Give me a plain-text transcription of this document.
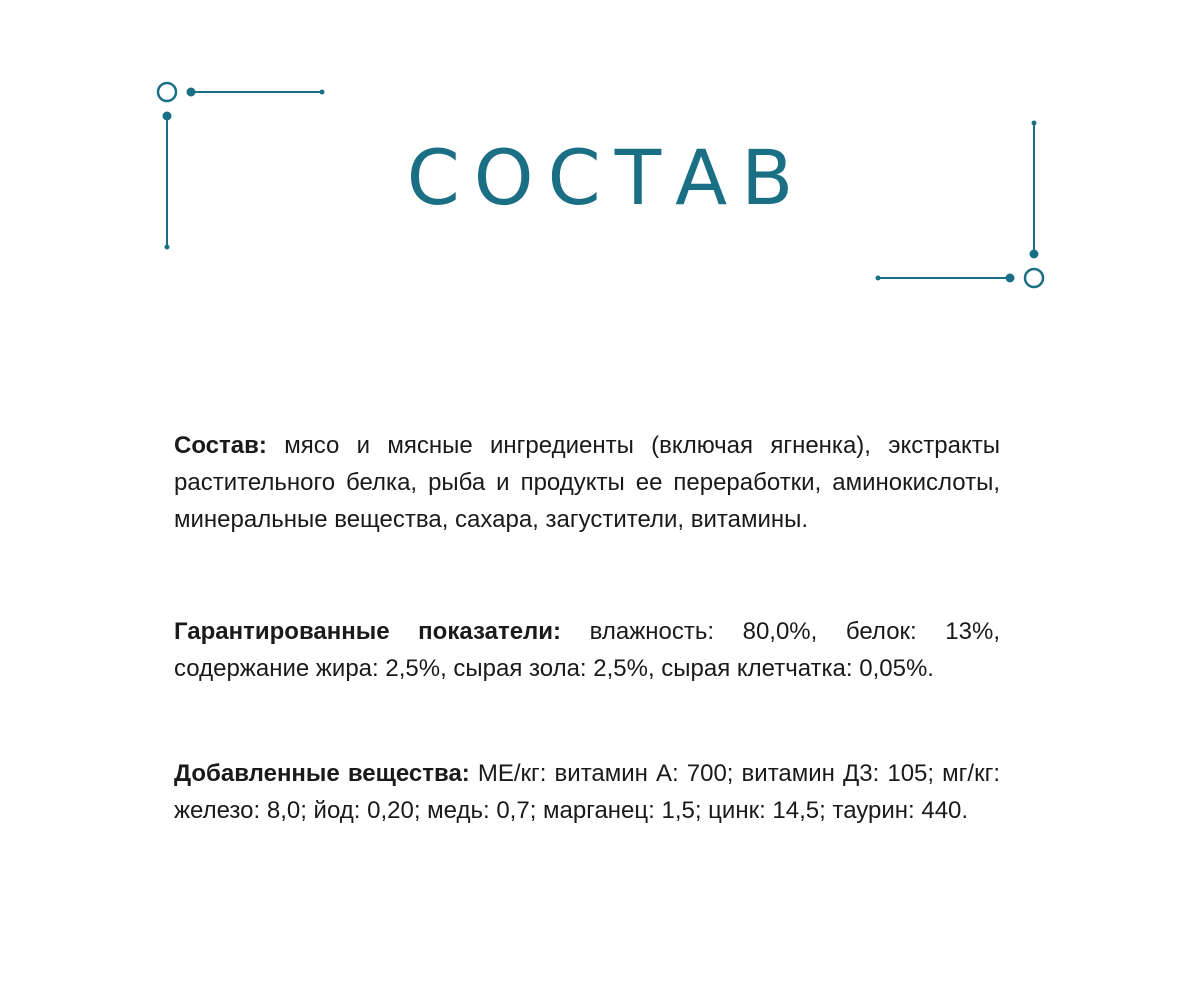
СОСТАВ

Состав: мясо и мясные ингредиенты (включая ягненка), экстракты растительного белка, рыба и продукты ее переработки, аминокислоты, минеральные вещества, сахара, загустители, витамины.

Гарантированные показатели: влажность: 80,0%, белок: 13%, содержание жира: 2,5%, сырая зола: 2,5%, сырая клетчатка: 0,05%.

Добавленные вещества: МЕ/кг: витамин А: 700; витамин Д3: 105; мг/кг: железо: 8,0; йод: 0,20; медь: 0,7; марганец: 1,5; цинк: 14,5; таурин: 440.
